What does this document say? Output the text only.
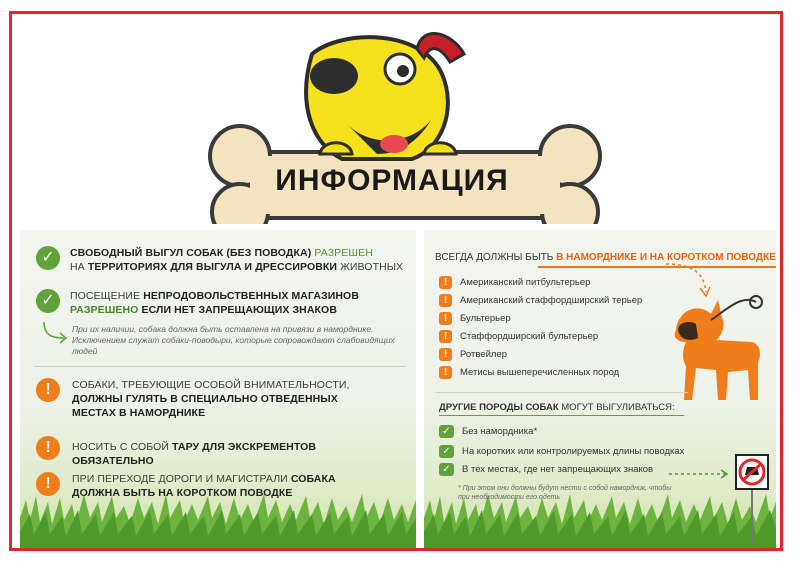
ИНФОРМАЦИЯ
✓	СВОБОДНЫЙ ВЫГУЛ СОБАК (БЕЗ ПОВОДКА) РАЗРЕШЕН
НА ТЕРРИТОРИЯХ ДЛЯ ВЫГУЛА И ДРЕССИРОВКИ ЖИВОТНЫХ
✓	ПОСЕЩЕНИЕ НЕПРОДОВОЛЬСТВЕННЫХ МАГАЗИНОВ
РАЗРЕШЕНО ЕСЛИ НЕТ ЗАПРЕЩАЮЩИХ ЗНАКОВ
При их наличии, собака должна быть оставлена на привязи в наморднике. Исключением служат собаки-поводыри, которые сопровождают слабовидящих людей
!	СОБАКИ, ТРЕБУЮЩИЕ ОСОБОЙ ВНИМАТЕЛЬНОСТИ, ДОЛЖНЫ ГУЛЯТЬ В СПЕЦИАЛЬНО ОТВЕДЕННЫХ МЕСТАХ В НАМОРДНИКЕ
!	НОСИТЬ С СОБОЙ ТАРУ ДЛЯ ЭКСКРЕМЕНТОВ ОБЯЗАТЕЛЬНО
!	ПРИ ПЕРЕХОДЕ ДОРОГИ И МАГИСТРАЛИ СОБАКА ДОЛЖНА БЫТЬ НА КОРОТКОМ ПОВОДКЕ
ВСЕГДА ДОЛЖНЫ БЫТЬ В НАМОРДНИКЕ И НА КОРОТКОМ ПОВОДКЕ
!	Американский питбультерьер
!	Американский стаффордширский терьер
!	Бультерьер
!	Стаффордширский бультерьер
!	Ротвейлер
!	Метисы вышеперечисленных пород
ДРУГИЕ ПОРОДЫ СОБАК МОГУТ ВЫГУЛИВАТЬСЯ:
✓	Без намордника*
✓	На коротких или контролируемых длины поводках
✓	В тех местах, где нет запрещающих знаков
* При этом они должны будут нести с собой намордник, чтобы при необходимости его одеть
